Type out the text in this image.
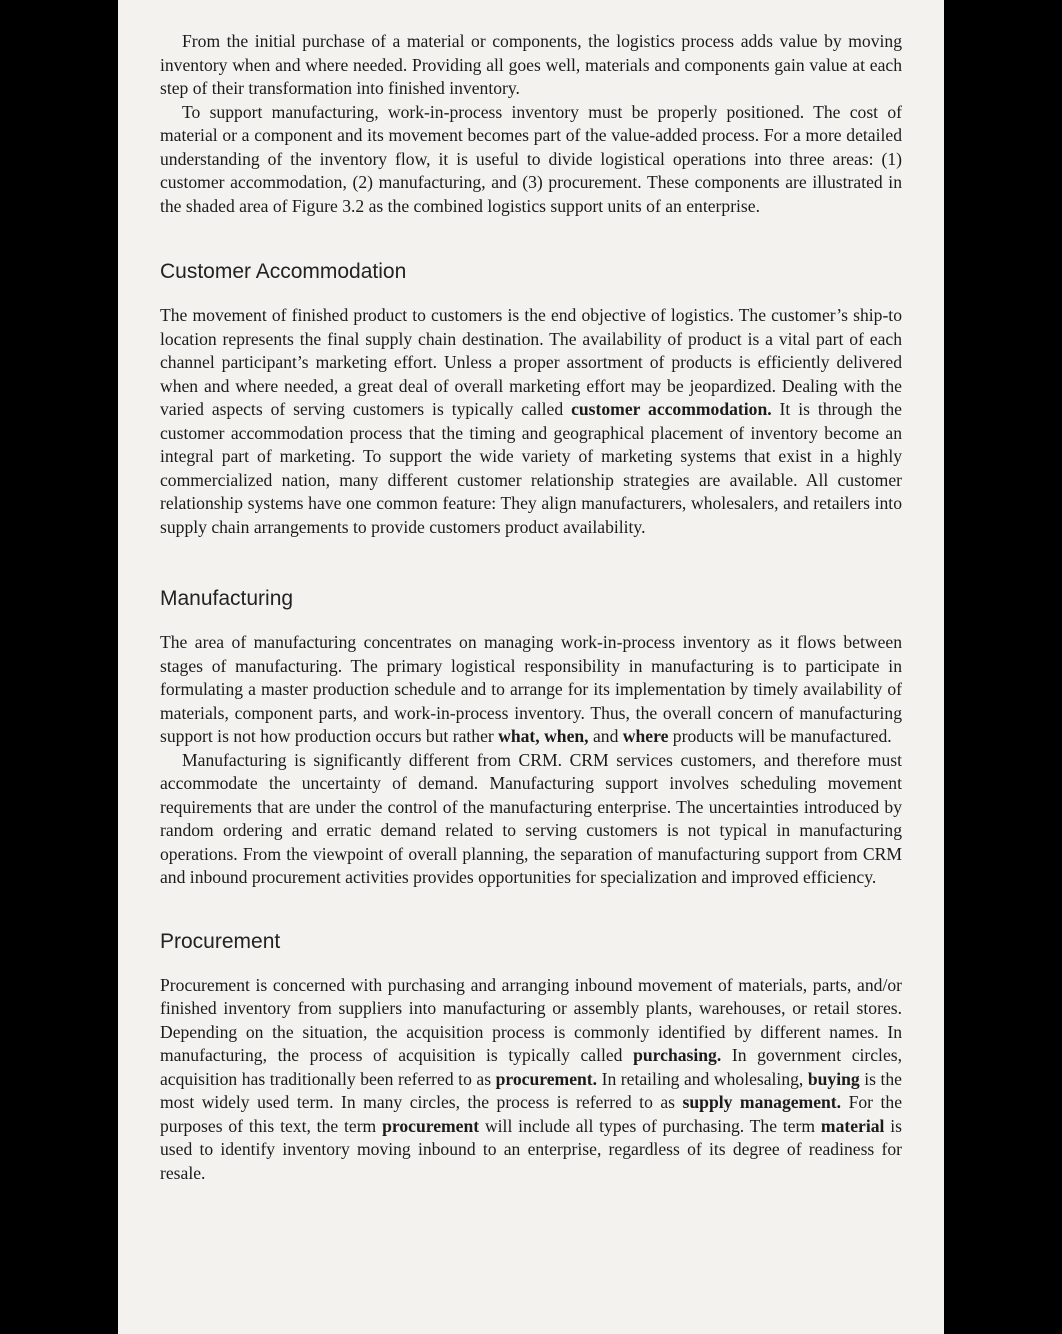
From the initial purchase of a material or components, the logistics process adds value by moving inventory when and where needed. Providing all goes well, materials and components gain value at each step of their transformation into finished inventory.

To support manufacturing, work-in-process inventory must be properly positioned. The cost of material or a component and its movement becomes part of the value-added process. For a more detailed understanding of the inventory flow, it is useful to divide logistical operations into three areas: (1) customer accommodation, (2) manufacturing, and (3) procurement. These components are illustrated in the shaded area of Figure 3.2 as the combined logistics support units of an enterprise.

Customer Accommodation

The movement of finished product to customers is the end objective of logistics. The customer’s ship-to location represents the final supply chain destination. The availability of product is a vital part of each channel participant’s marketing effort. Unless a proper assortment of products is efficiently delivered when and where needed, a great deal of overall marketing effort may be jeopardized. Dealing with the varied aspects of serving customers is typically called customer accommodation. It is through the customer accommodation process that the timing and geographical placement of inventory become an integral part of marketing. To support the wide variety of marketing systems that exist in a highly commercialized nation, many different customer relationship strategies are available. All customer relationship systems have one common feature: They align manufacturers, wholesalers, and retailers into supply chain arrangements to provide customers product availability.

Manufacturing

The area of manufacturing concentrates on managing work-in-process inventory as it flows between stages of manufacturing. The primary logistical responsibility in manufacturing is to participate in formulating a master production schedule and to arrange for its implementation by timely availability of materials, component parts, and work-in-process inventory. Thus, the overall concern of manufacturing support is not how production occurs but rather what, when, and where products will be manufactured.

Manufacturing is significantly different from CRM. CRM services customers, and therefore must accommodate the uncertainty of demand. Manufacturing support involves scheduling movement requirements that are under the control of the manufacturing enterprise. The uncertainties introduced by random ordering and erratic demand related to serving customers is not typical in manufacturing operations. From the viewpoint of overall planning, the separation of manufacturing support from CRM and inbound procurement activities provides opportunities for specialization and improved efficiency.

Procurement

Procurement is concerned with purchasing and arranging inbound movement of materials, parts, and/or finished inventory from suppliers into manufacturing or assembly plants, warehouses, or retail stores. Depending on the situation, the acquisition process is commonly identified by different names. In manufacturing, the process of acquisition is typically called purchasing. In government circles, acquisition has traditionally been referred to as procurement. In retailing and wholesaling, buying is the most widely used term. In many circles, the process is referred to as supply management. For the purposes of this text, the term procurement will include all types of purchasing. The term material is used to identify inventory moving inbound to an enterprise, regardless of its degree of readiness for resale.
